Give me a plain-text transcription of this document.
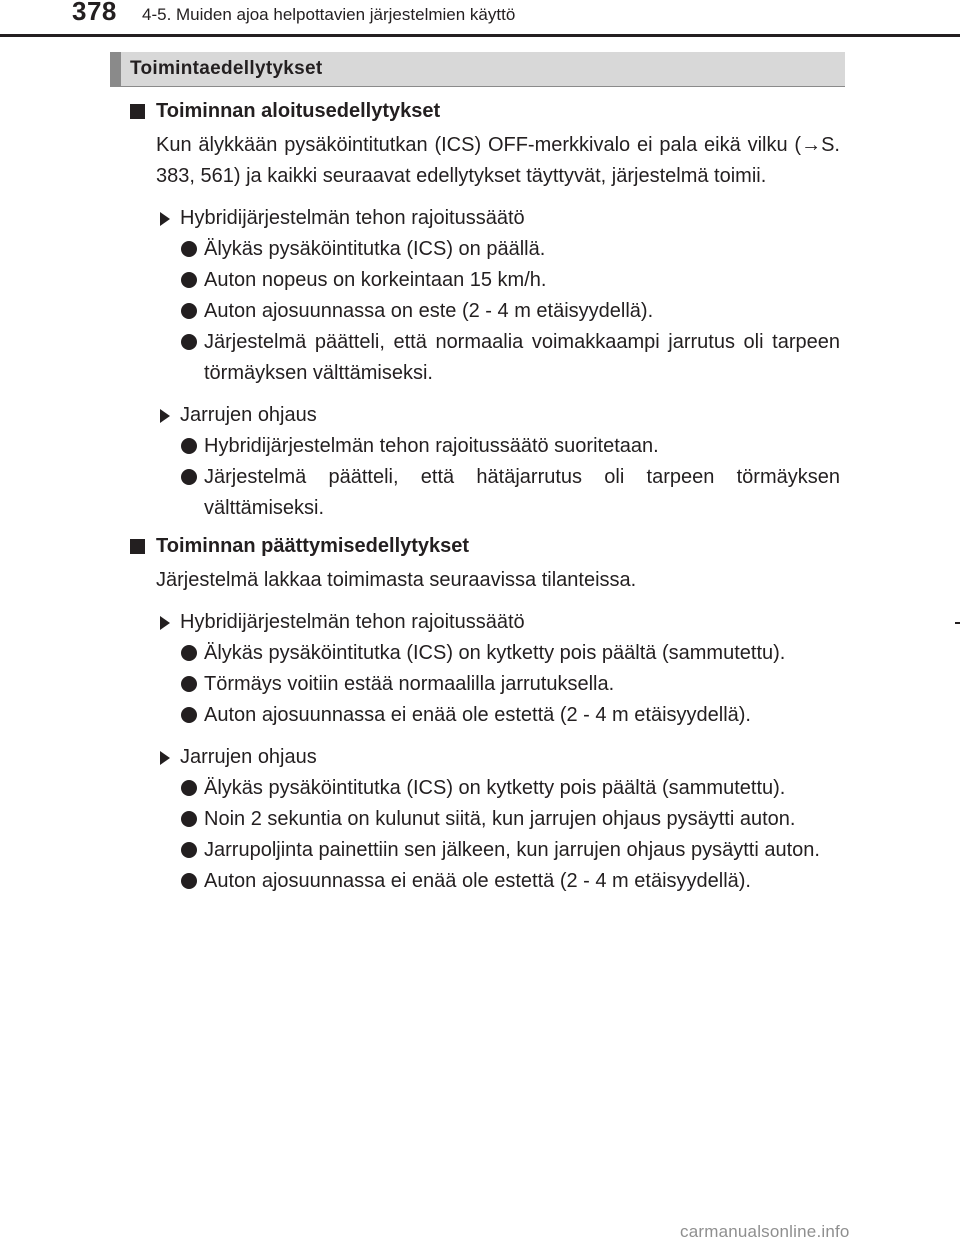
378 4-5. Muiden ajoa helpottavien järjestelmien käyttö
Toimintaedellytykset
Toiminnan aloitusedellytykset
Kun älykkään pysäköintitutkan (ICS) OFF-merkkivalo ei pala eikä vilku (→S. 383, 561) ja kaikki seuraavat edellytykset täyttyvät, järjestelmä toimii.
Hybridijärjestelmän tehon rajoitussäätö
Älykäs pysäköintitutka (ICS) on päällä.
Auton nopeus on korkeintaan 15 km/h.
Auton ajosuunnassa on este (2 - 4 m etäisyydellä).
Järjestelmä päätteli, että normaalia voimakkaampi jarrutus oli tarpeen törmäyksen välttämiseksi.
Jarrujen ohjaus
Hybridijärjestelmän tehon rajoitussäätö suoritetaan.
Järjestelmä päätteli, että hätäjarrutus oli tarpeen törmäyksen välttämiseksi.
Toiminnan päättymisedellytykset
Järjestelmä lakkaa toimimasta seuraavissa tilanteissa.
Hybridijärjestelmän tehon rajoitussäätö
Älykäs pysäköintitutka (ICS) on kytketty pois päältä (sammutettu).
Törmäys voitiin estää normaalilla jarrutuksella.
Auton ajosuunnassa ei enää ole estettä (2 - 4 m etäisyydellä).
Jarrujen ohjaus
Älykäs pysäköintitutka (ICS) on kytketty pois päältä (sammutettu).
Noin 2 sekuntia on kulunut siitä, kun jarrujen ohjaus pysäytti auton.
Jarrupoljinta painettiin sen jälkeen, kun jarrujen ohjaus pysäytti auton.
Auton ajosuunnassa ei enää ole estettä (2 - 4 m etäisyydellä).
carmanualsonline.info
